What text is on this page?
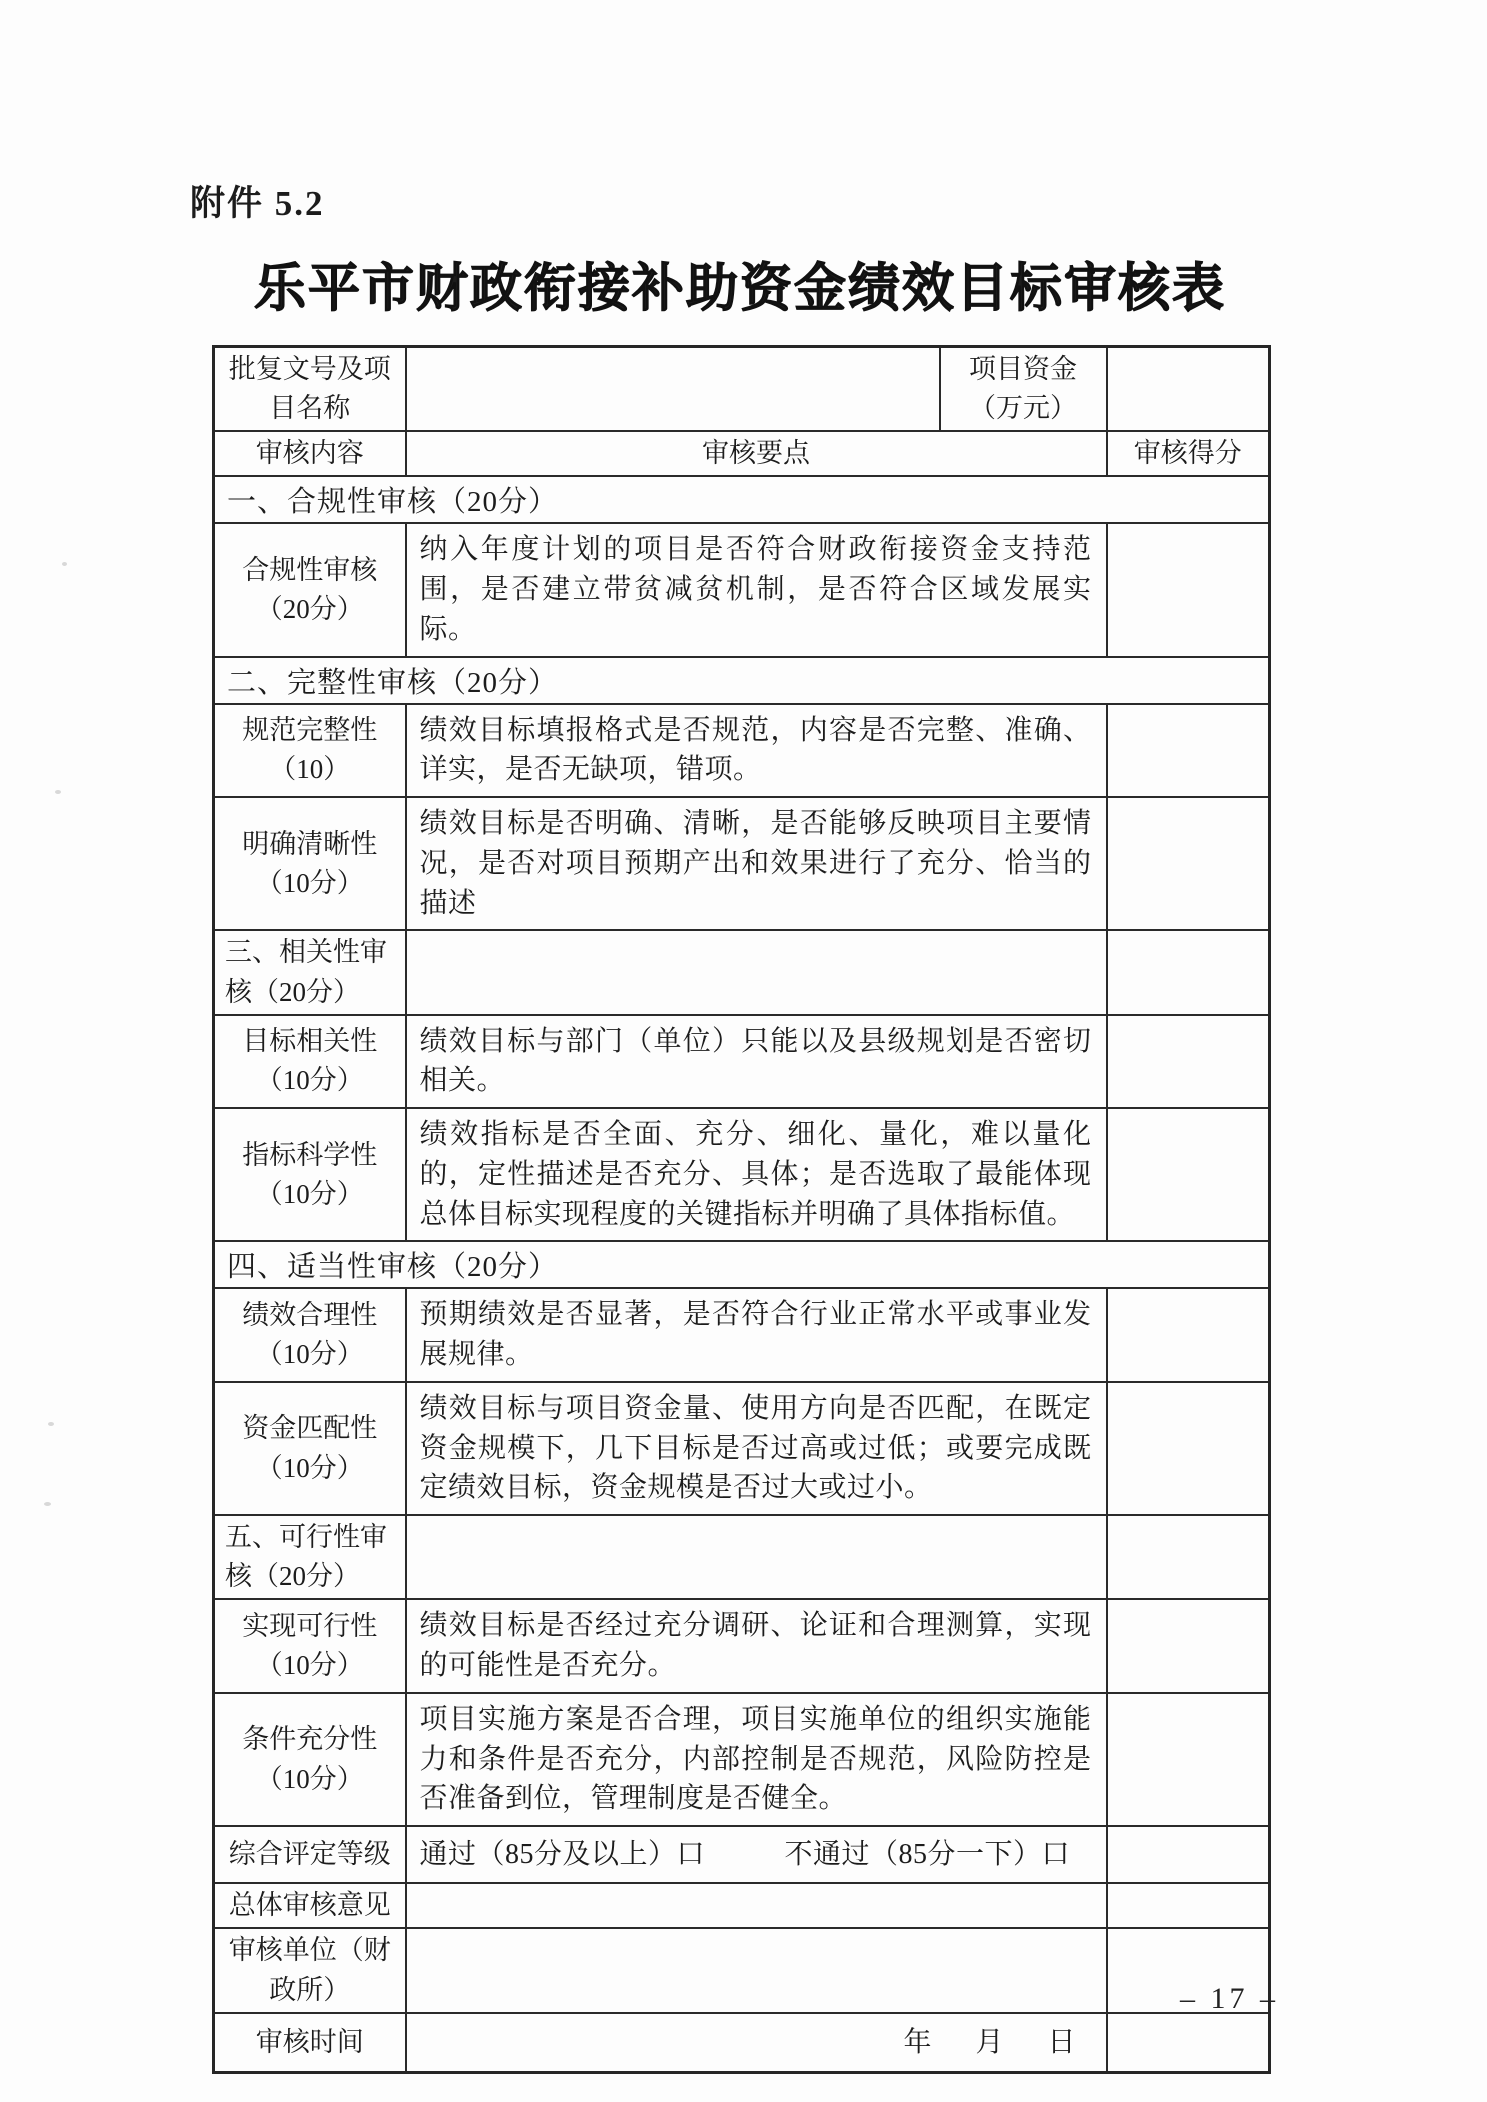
附件 5.2
乐平市财政衔接补助资金绩效目标审核表
批复文号及项目名称		项目资金（万元）	
审核内容	审核要点		审核得分
一、合规性审核（20分）			
合规性审核（20分）	纳入年度计划的项目是否符合财政衔接资金支持范围，是否建立带贫减贫机制，是否符合区域发展实际。		
二、完整性审核（20分）			
规范完整性（10）	绩效目标填报格式是否规范，内容是否完整、准确、详实，是否无缺项，错项。		
明确清晰性（10分）	绩效目标是否明确、清晰，是否能够反映项目主要情况，是否对项目预期产出和效果进行了充分、恰当的描述		
三、相关性审核（20分）			
目标相关性（10分）	绩效目标与部门（单位）只能以及县级规划是否密切相关。		
指标科学性（10分）	绩效指标是否全面、充分、细化、量化，难以量化的，定性描述是否充分、具体；是否选取了最能体现总体目标实现程度的关键指标并明确了具体指标值。		
四、适当性审核（20分）			
绩效合理性（10分）	预期绩效是否显著，是否符合行业正常水平或事业发展规律。		
资金匹配性（10分）	绩效目标与项目资金量、使用方向是否匹配，在既定资金规模下，几下目标是否过高或过低；或要完成既定绩效目标，资金规模是否过大或过小。		
五、可行性审核（20分）			
实现可行性（10分）	绩效目标是否经过充分调研、论证和合理测算，实现的可能性是否充分。		
条件充分性（10分）	项目实施方案是否合理，项目实施单位的组织实施能力和条件是否充分，内部控制是否规范，风险防控是否准备到位，管理制度是否健全。		
综合评定等级	通过（85分及以上）口 不通过（85分一下）口		
总体审核意见			
审核单位（财政所）			
审核时间	年　月　日		
– 17 –
